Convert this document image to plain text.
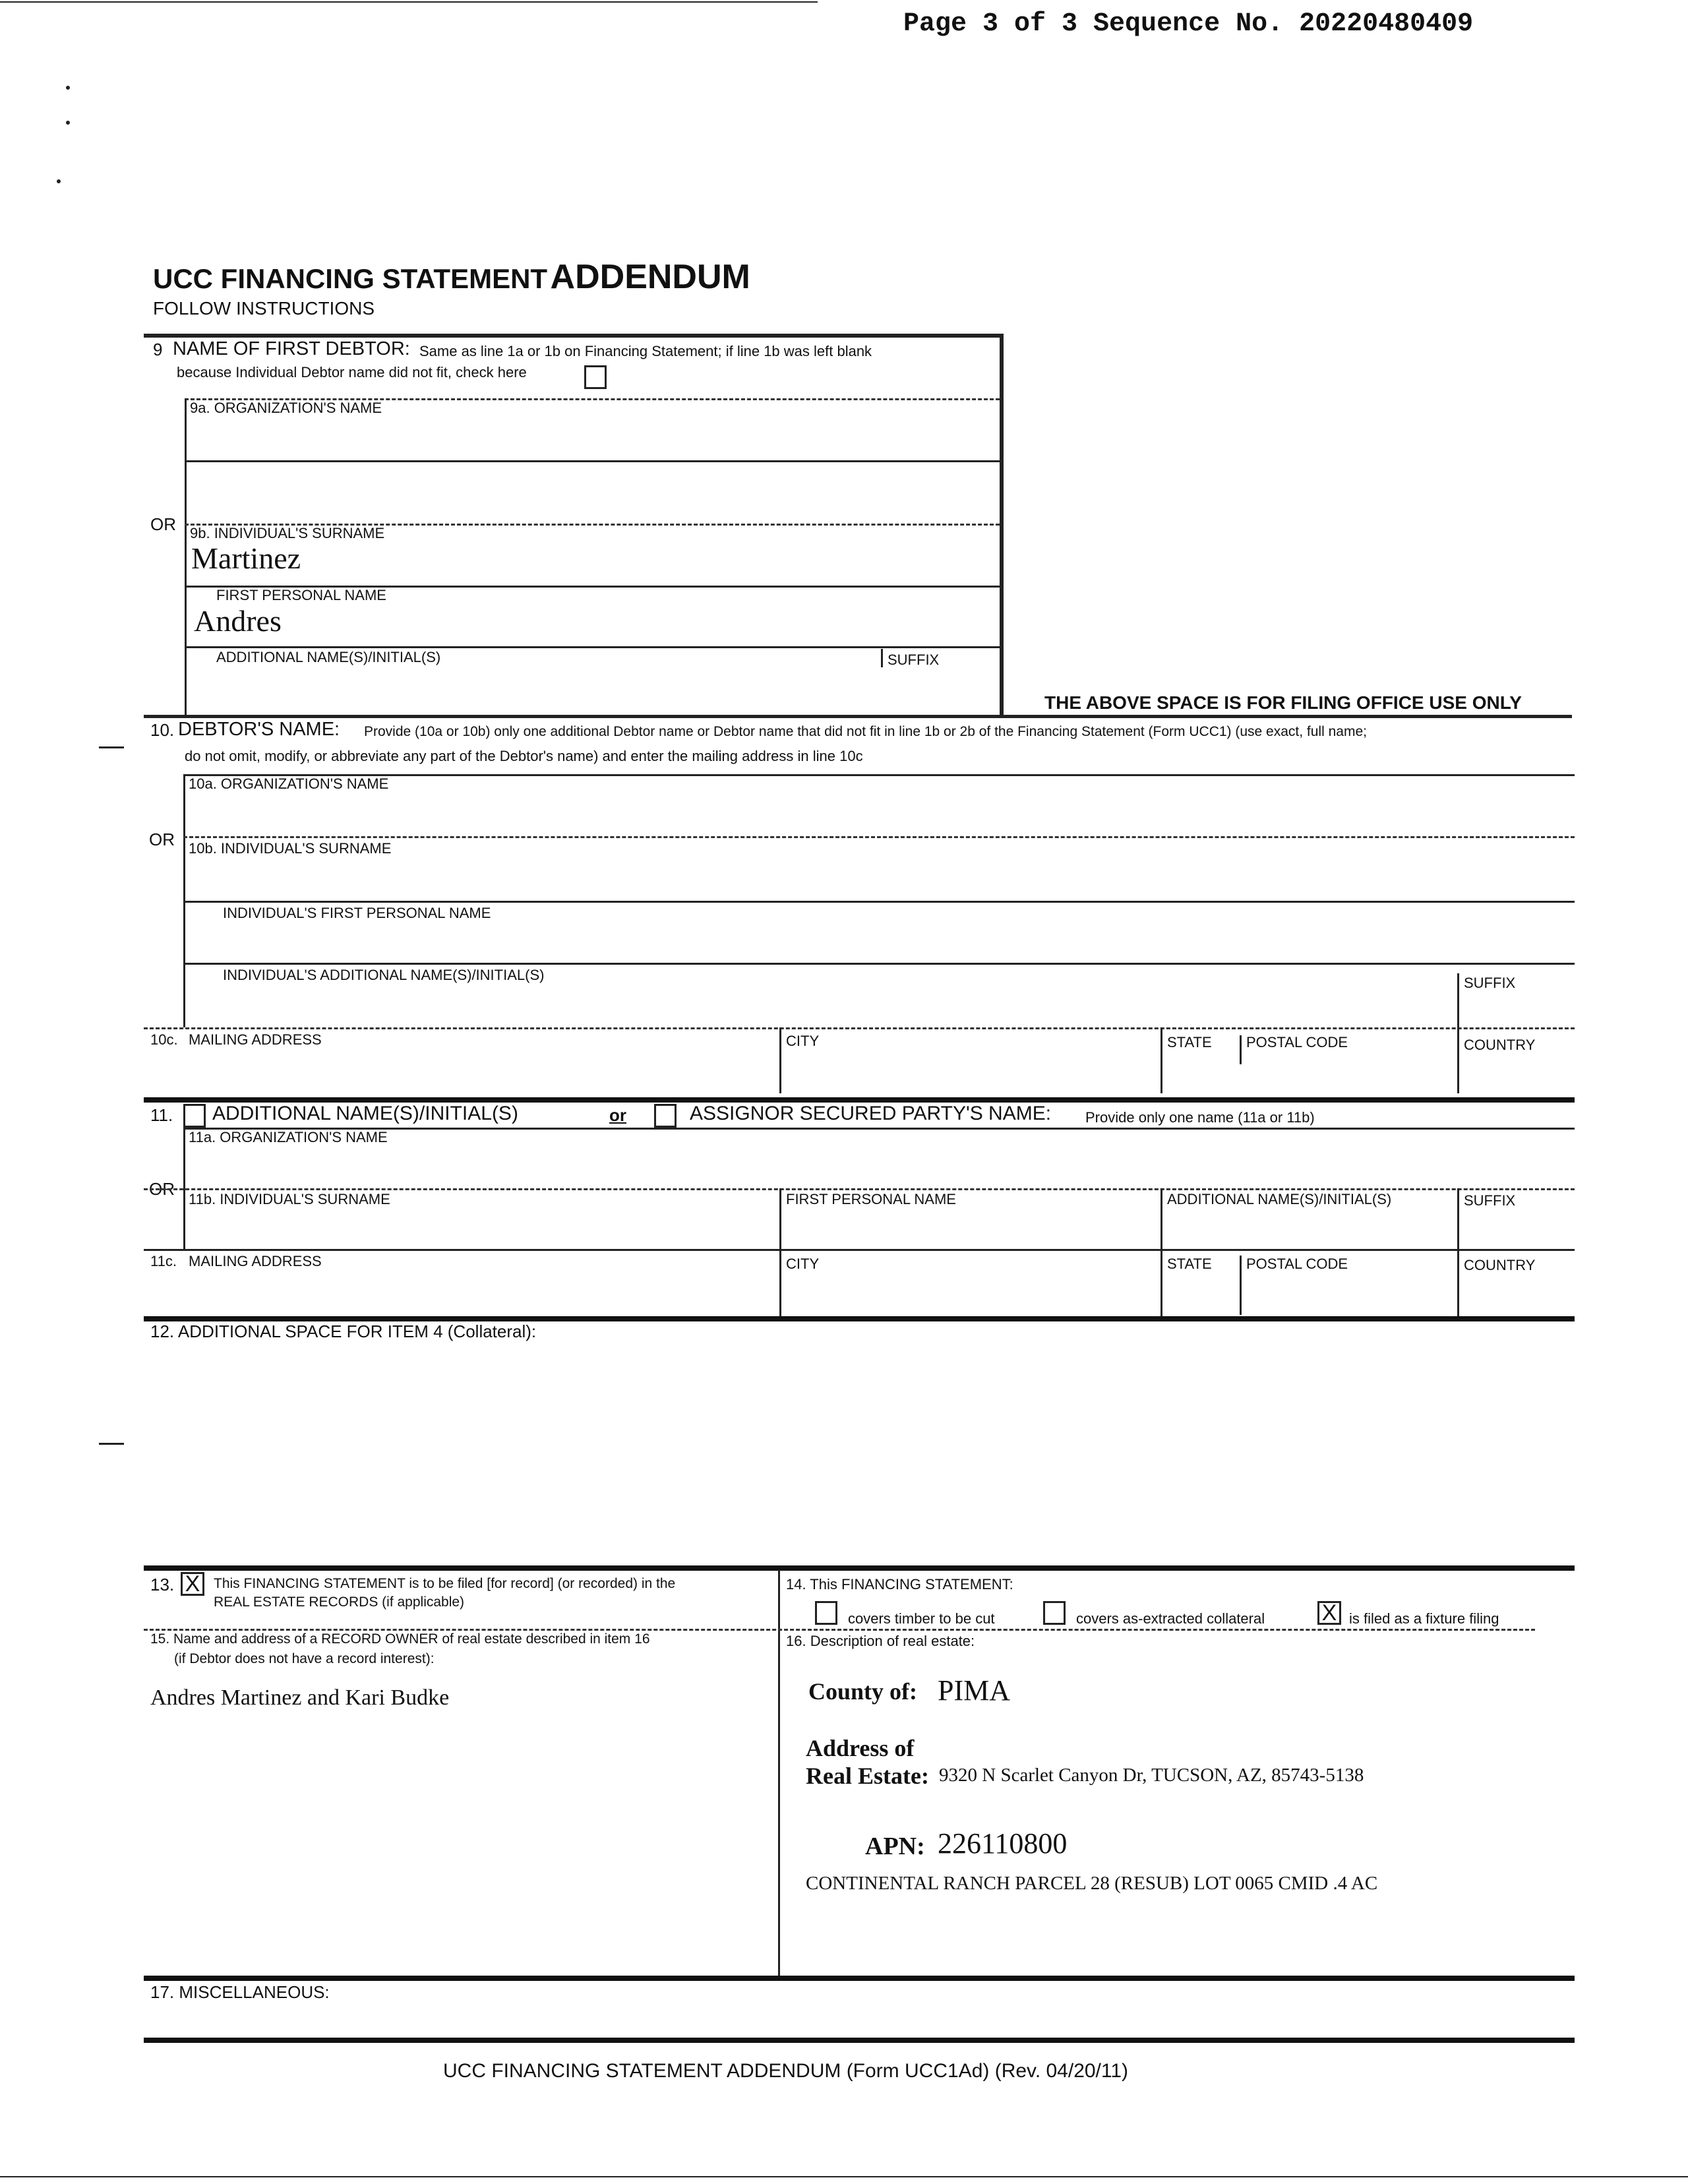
Page 3 of 3 Sequence No. 20220480409
UCC FINANCING STATEMENT ADDENDUM
FOLLOW INSTRUCTIONS
9 NAME OF FIRST DEBTOR: Same as line 1a or 1b on Financing Statement; if line 1b was left blank
because Individual Debtor name did not fit, check here
9a. ORGANIZATION'S NAME
OR 9b. INDIVIDUAL'S SURNAME
Martinez
FIRST PERSONAL NAME
Andres
ADDITIONAL NAME(S)/INITIAL(S)	SUFFIX
THE ABOVE SPACE IS FOR FILING OFFICE USE ONLY
10. DEBTOR'S NAME: Provide (10a or 10b) only one additional Debtor name or Debtor name that did not fit in line 1b or 2b of the Financing Statement (Form UCC1) (use exact, full name;
do not omit, modify, or abbreviate any part of the Debtor's name) and enter the mailing address in line 10c
10a. ORGANIZATION'S NAME
OR 10b. INDIVIDUAL'S SURNAME
INDIVIDUAL'S FIRST PERSONAL NAME
INDIVIDUAL'S ADDITIONAL NAME(S)/INITIAL(S)	SUFFIX
10c. MAILING ADDRESS	CITY	STATE POSTAL CODE	COUNTRY
11. ADDITIONAL NAME(S)/INITIAL(S)	or	ASSIGNOR SECURED PARTY'S NAME: Provide only one name (11a or 11b)
11a. ORGANIZATION'S NAME
OR
11b. INDIVIDUAL'S SURNAME	FIRST PERSONAL NAME	ADDITIONAL NAME(S)/INITIAL(S)	SUFFIX
11c. MAILING ADDRESS	CITY	STATE POSTAL CODE	COUNTRY
12. ADDITIONAL SPACE FOR ITEM 4 (Collateral):
13. X This FINANCING STATEMENT is to be filed [for record] (or recorded) in the
REAL ESTATE RECORDS (if applicable)
14. This FINANCING STATEMENT:
covers timber to be cut	covers as-extracted collateral	X is filed as a fixture filing
15. Name and address of a RECORD OWNER of real estate described in item 16
(if Debtor does not have a record interest):
Andres Martinez and Kari Budke
16. Description of real estate:
County of: PIMA
Address of
Real Estate: 9320 N Scarlet Canyon Dr, TUCSON, AZ, 85743-5138
APN: 226110800
CONTINENTAL RANCH PARCEL 28 (RESUB) LOT 0065 CMID .4 AC
17. MISCELLANEOUS:
UCC FINANCING STATEMENT ADDENDUM (Form UCC1Ad) (Rev. 04/20/11)
